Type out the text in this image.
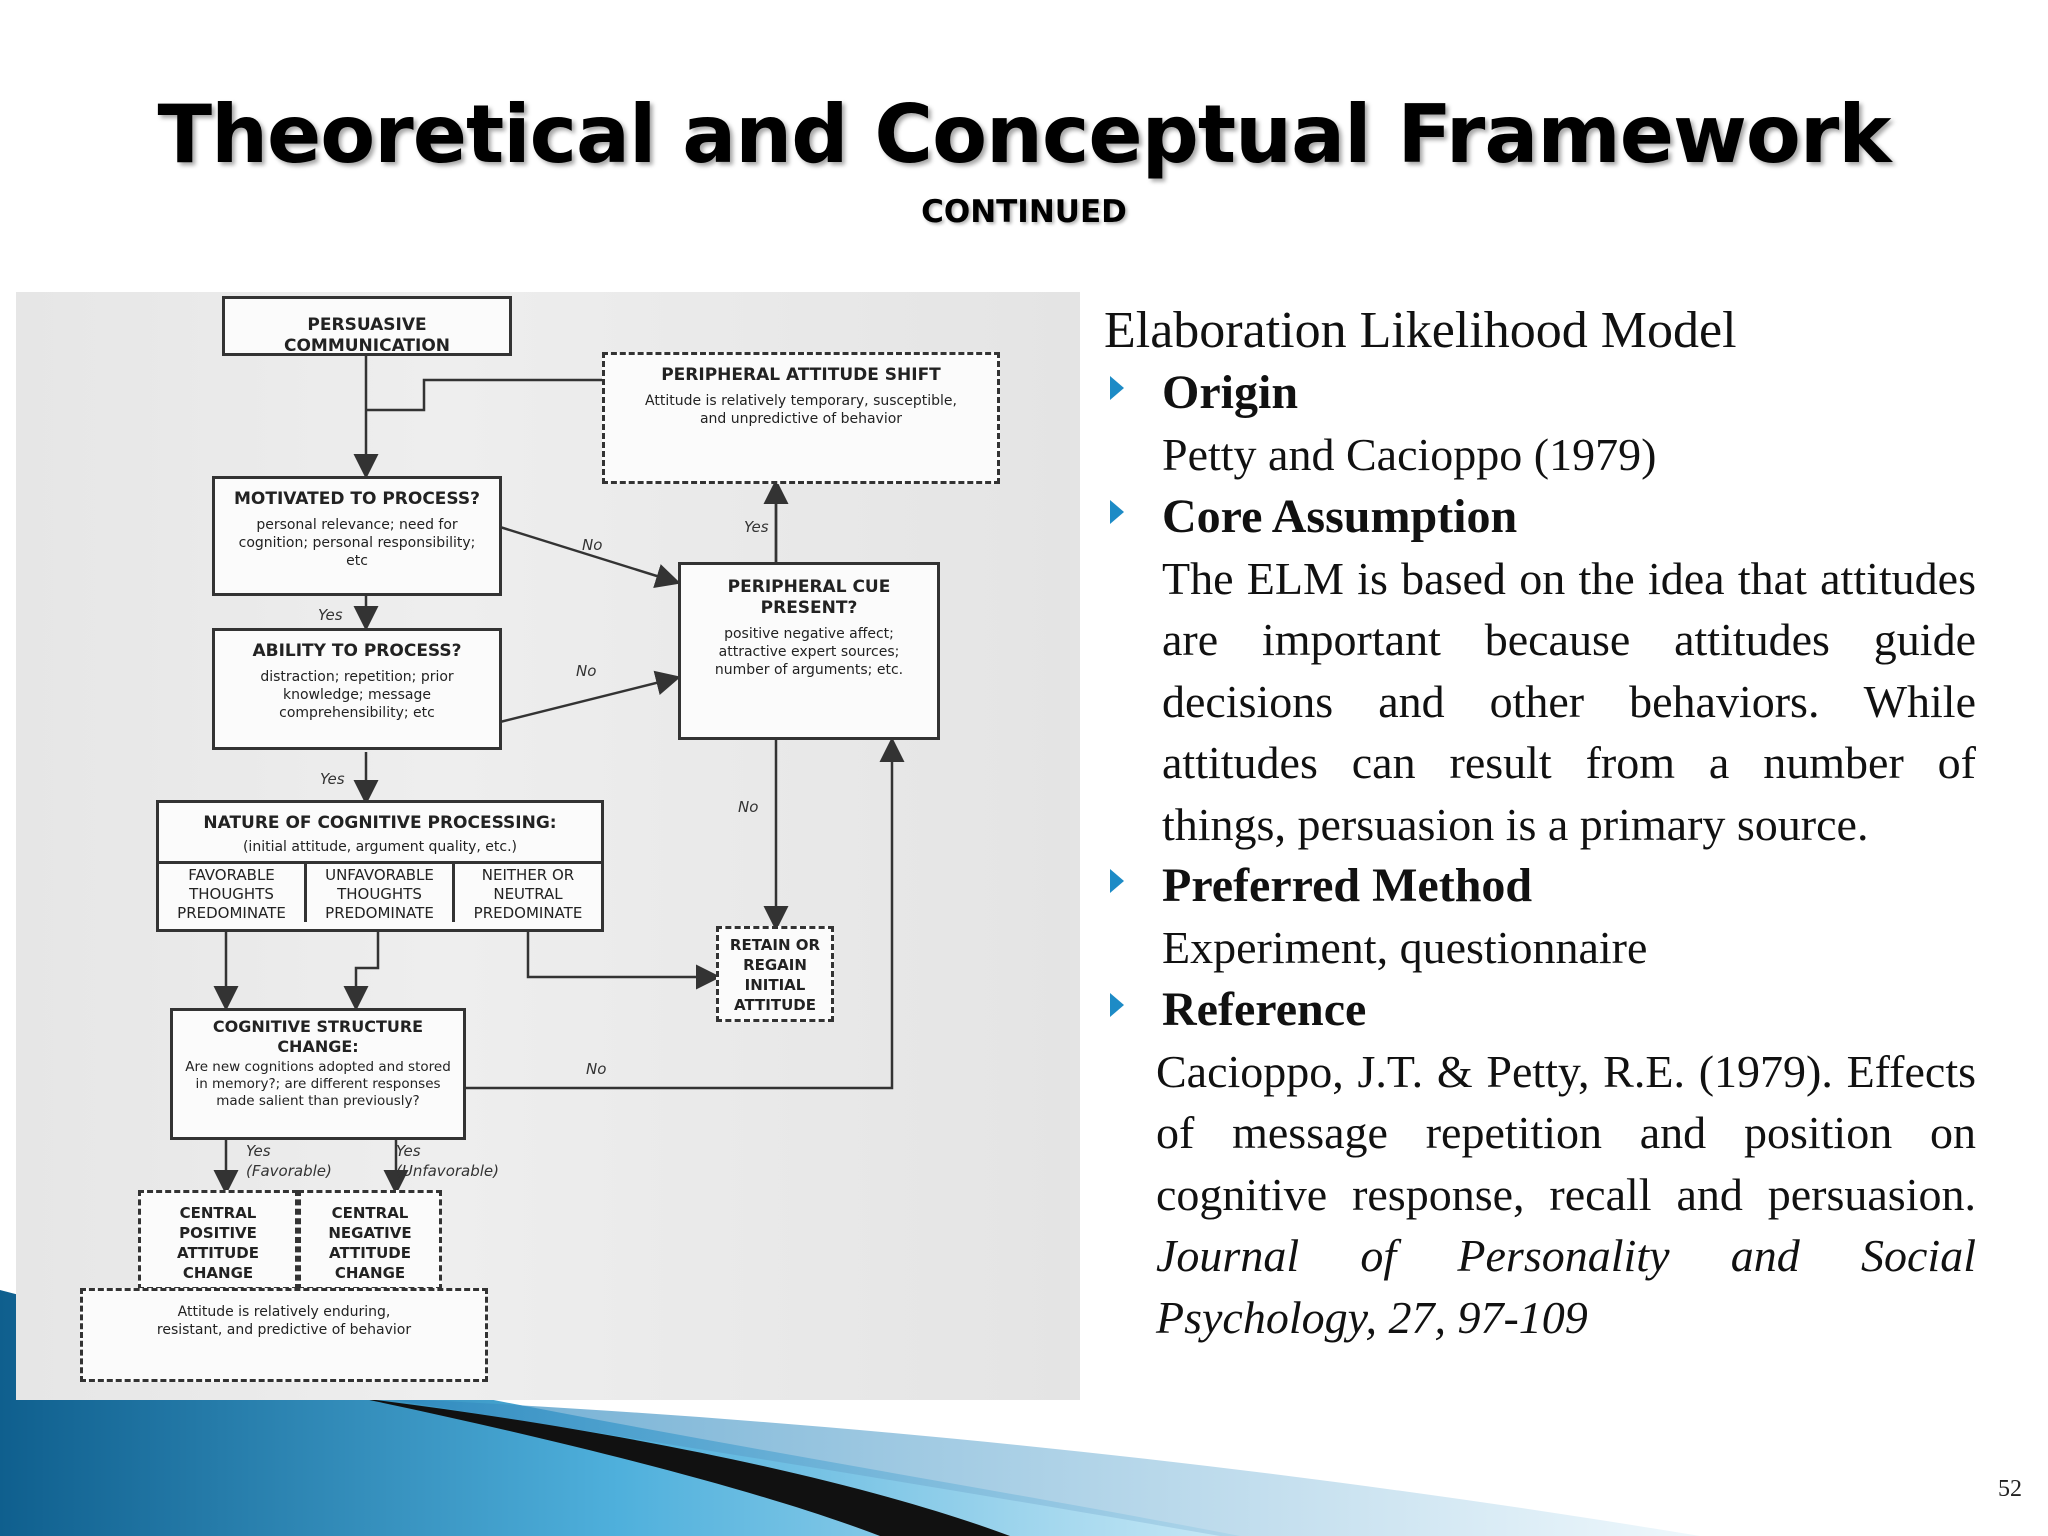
Theoretical and Conceptual Framework
CONTINUED
PERSUASIVE COMMUNICATION
PERIPHERAL ATTITUDE SHIFT
Attitude is relatively temporary, susceptible, and unpredictive of behavior
MOTIVATED TO PROCESS?
personal relevance; need for cognition; personal responsibility; etc
PERIPHERAL CUE PRESENT?
positive negative affect; attractive expert sources; number of arguments; etc.
ABILITY TO PROCESS?
distraction; repetition; prior knowledge; message comprehensibility; etc
NATURE OF COGNITIVE PROCESSING:
(initial attitude, argument quality, etc.)
FAVORABLE THOUGHTS PREDOMINATE
UNFAVORABLE THOUGHTS PREDOMINATE
NEITHER OR NEUTRAL PREDOMINATE
RETAIN OR REGAIN INITIAL ATTITUDE
COGNITIVE STRUCTURE CHANGE:
Are new cognitions adopted and stored in memory?; are different responses made salient than previously?
CENTRAL POSITIVE ATTITUDE CHANGE
CENTRAL NEGATIVE ATTITUDE CHANGE
Attitude is relatively enduring, resistant, and predictive of behavior
No
Yes
Yes
No
Yes
No
No
Yes
(Favorable)
Yes
(Unfavorable)
Elaboration Likelihood Model
Origin
Petty and Cacioppo (1979)
Core Assumption
The ELM is based on the idea that attitudes are important because attitudes guide decisions and other behaviors. While attitudes can result from a number of things, persuasion is a primary source.
Preferred Method
Experiment, questionnaire
Reference
Cacioppo, J.T. & Petty, R.E. (1979). Effects of message repetition and position on cognitive response, recall and persuasion. Journal of Personality and Social Psychology, 27, 97-109
52
